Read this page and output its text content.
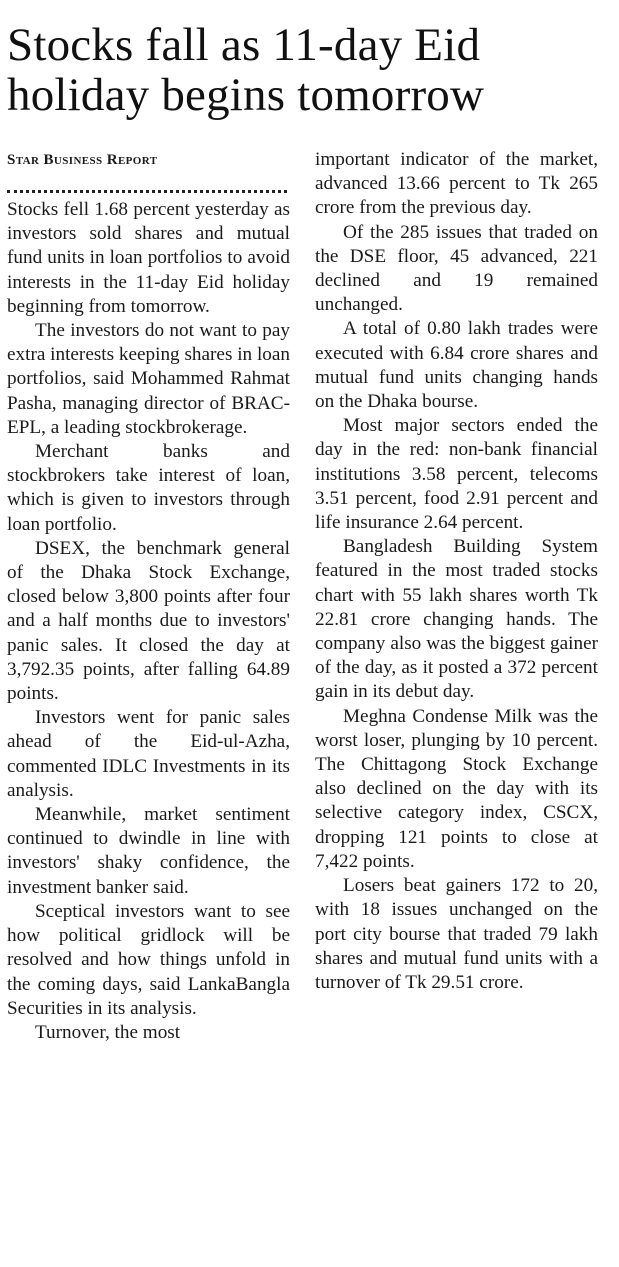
Stocks fall as 11-day Eid holiday begins tomorrow
Star Business Report

Stocks fell 1.68 percent yesterday as investors sold shares and mutual fund units in loan portfolios to avoid interests in the 11-day Eid holiday beginning from tomorrow.

The investors do not want to pay extra interests keeping shares in loan portfolios, said Mohammed Rahmat Pasha, managing director of BRAC-EPL, a leading stockbrokerage.

Merchant banks and stockbrokers take interest of loan, which is given to investors through loan portfolio.

DSEX, the benchmark general of the Dhaka Stock Exchange, closed below 3,800 points after four and a half months due to investors' panic sales. It closed the day at 3,792.35 points, after falling 64.89 points.

Investors went for panic sales ahead of the Eid-ul-Azha, commented IDLC Investments in its analysis.

Meanwhile, market sentiment continued to dwindle in line with investors' shaky confidence, the investment banker said.

Sceptical investors want to see how political gridlock will be resolved and how things unfold in the coming days, said LankaBangla Securities in its analysis.

Turnover, the most

important indicator of the market, advanced 13.66 percent to Tk 265 crore from the previous day.

Of the 285 issues that traded on the DSE floor, 45 advanced, 221 declined and 19 remained unchanged.

A total of 0.80 lakh trades were executed with 6.84 crore shares and mutual fund units changing hands on the Dhaka bourse.

Most major sectors ended the day in the red: non-bank financial institutions 3.58 percent, telecoms 3.51 percent, food 2.91 percent and life insurance 2.64 percent.

Bangladesh Building System featured in the most traded stocks chart with 55 lakh shares worth Tk 22.81 crore changing hands. The company also was the biggest gainer of the day, as it posted a 372 percent gain in its debut day.

Meghna Condense Milk was the worst loser, plunging by 10 percent. The Chittagong Stock Exchange also declined on the day with its selective category index, CSCX, dropping 121 points to close at 7,422 points.

Losers beat gainers 172 to 20, with 18 issues unchanged on the port city bourse that traded 79 lakh shares and mutual fund units with a turnover of Tk 29.51 crore.
